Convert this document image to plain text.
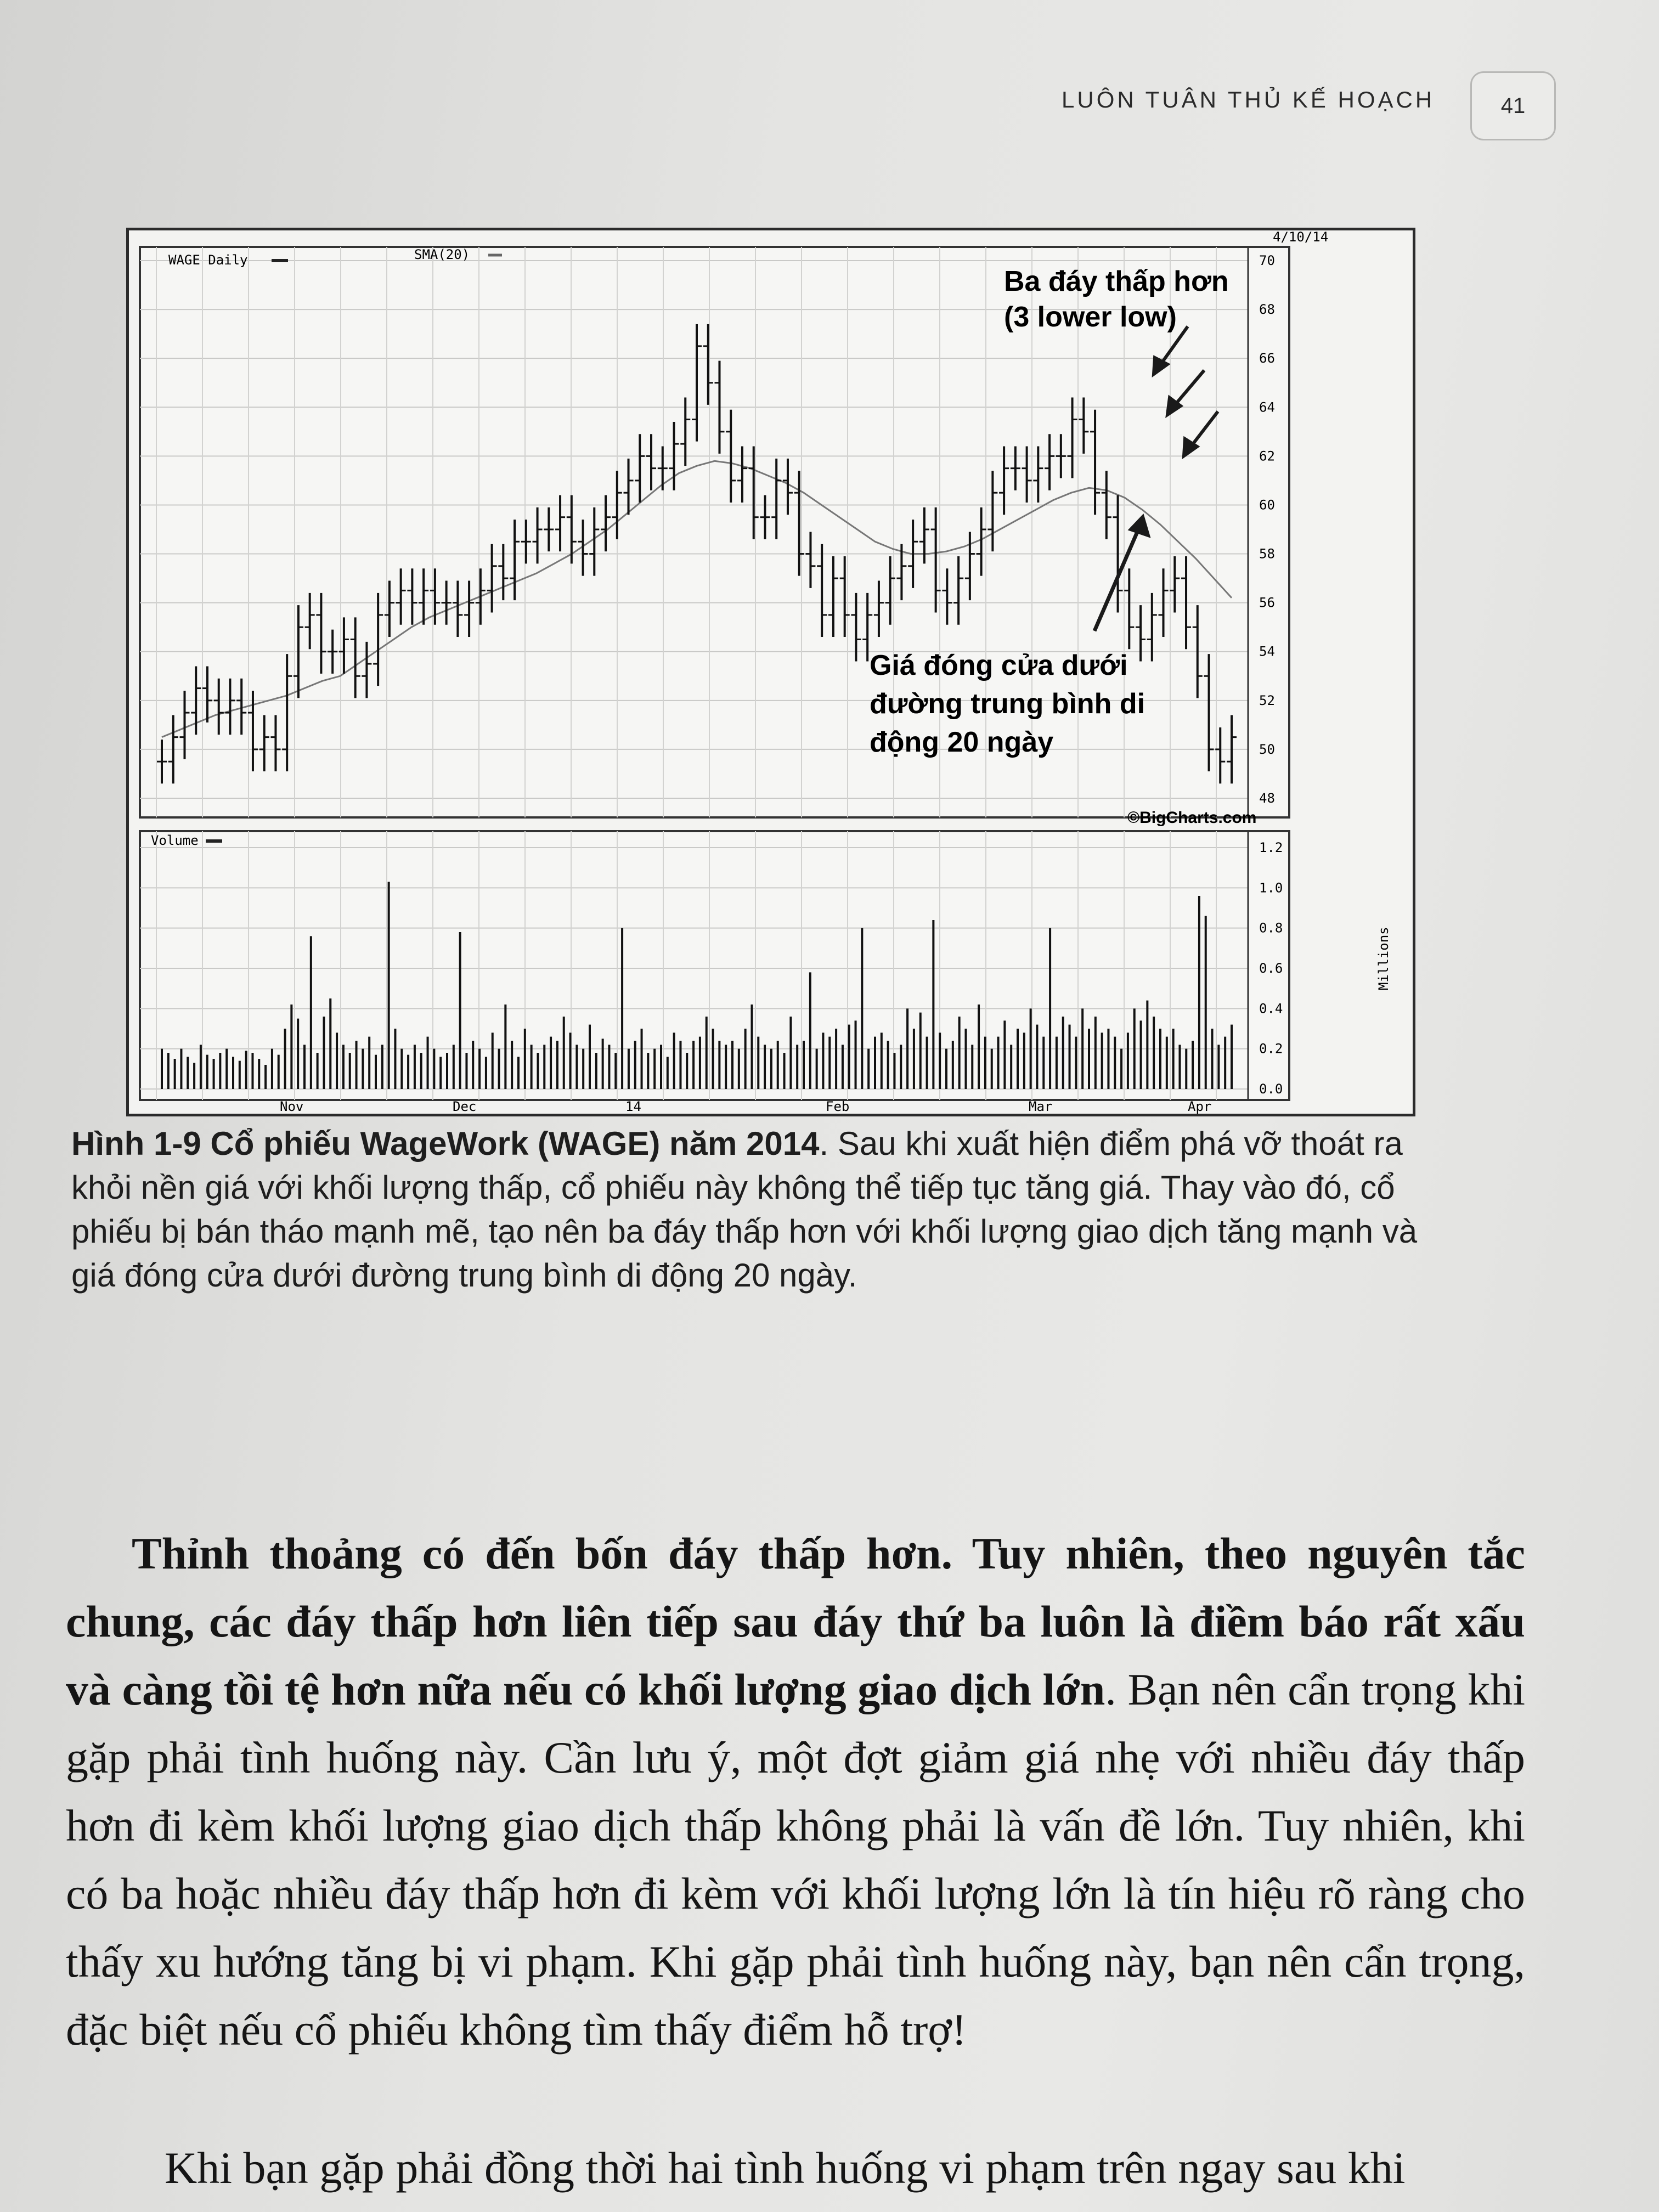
LUÔN TUÂN THỦ KẾ HOẠCH	41
70
68
66
64
62
60
58
56
54
52
50
48
1.2
1.0
0.8
0.6
0.4
0.2
0.0
Nov	Dec	14	Feb	Mar	Apr
WAGE Daily	SMA(20)
4/10/14
©BigCharts.com
Volume
Millions
Ba đáy thấp hơn
(3 lower low)
Giá đóng cửa dưới
đường trung bình di
động 20 ngày
Hình 1-9 Cổ phiếu WageWork (WAGE) năm 2014. Sau khi xuất hiện điểm phá vỡ thoát ra khỏi nền giá với khối lượng thấp, cổ phiếu này không thể tiếp tục tăng giá. Thay vào đó, cổ phiếu bị bán tháo mạnh mẽ, tạo nên ba đáy thấp hơn với khối lượng giao dịch tăng mạnh và giá đóng cửa dưới đường trung bình di động 20 ngày.

Thỉnh thoảng có đến bốn đáy thấp hơn. Tuy nhiên, theo nguyên tắc chung, các đáy thấp hơn liên tiếp sau đáy thứ ba luôn là điềm báo rất xấu và càng tồi tệ hơn nữa nếu có khối lượng giao dịch lớn. Bạn nên cẩn trọng khi gặp phải tình huống này. Cần lưu ý, một đợt giảm giá nhẹ với nhiều đáy thấp hơn đi kèm khối lượng giao dịch thấp không phải là vấn đề lớn. Tuy nhiên, khi có ba hoặc nhiều đáy thấp hơn đi kèm với khối lượng lớn là tín hiệu rõ ràng cho thấy xu hướng tăng bị vi phạm. Khi gặp phải tình huống này, bạn nên cẩn trọng, đặc biệt nếu cổ phiếu không tìm thấy điểm hỗ trợ!

Khi bạn gặp phải đồng thời hai tình huống vi phạm trên ngay sau khi
